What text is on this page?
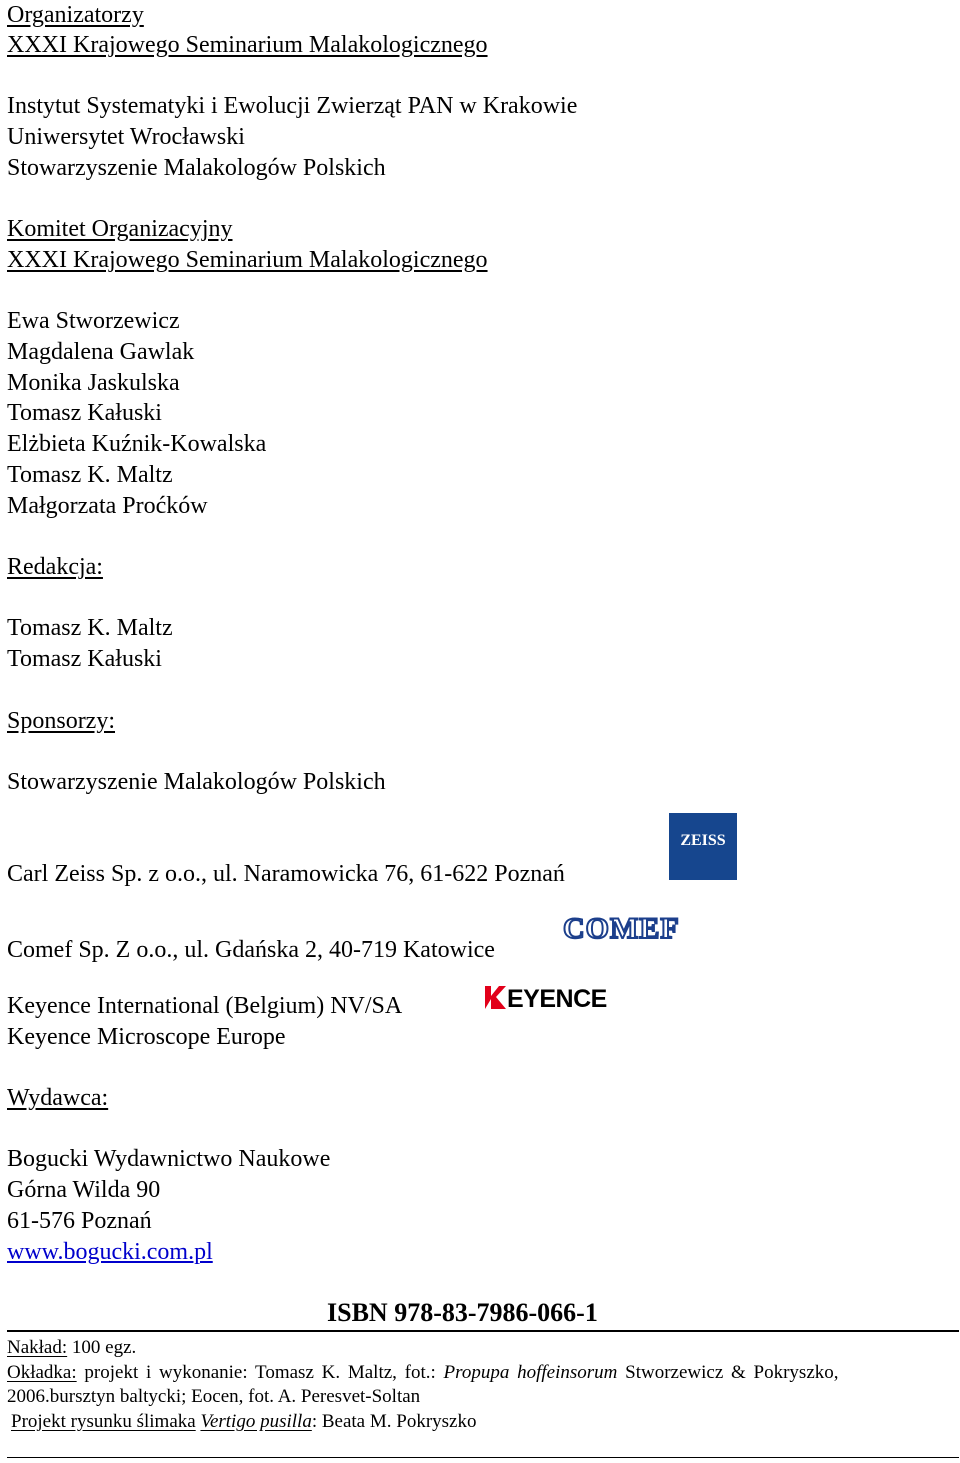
Organizatorzy
XXXI Krajowego Seminarium Malakologicznego
Instytut Systematyki i Ewolucji Zwierząt PAN w Krakowie
Uniwersytet Wrocławski
Stowarzyszenie Malakologów Polskich
Komitet Organizacyjny
XXXI Krajowego Seminarium Malakologicznego
Ewa Stworzewicz
Magdalena Gawlak
Monika Jaskulska
Tomasz Kałuski
Elżbieta Kuźnik-Kowalska
Tomasz K. Maltz
Małgorzata Proćków
Redakcja:
Tomasz K. Maltz
Tomasz Kałuski
Sponsorzy:
Stowarzyszenie Malakologów Polskich
ZEISS
Carl Zeiss Sp. z o.o., ul. Naramowicka 76, 61-622 Poznań
COMEF
Comef Sp. Z o.o., ul. Gdańska 2, 40-719 Katowice
EYENCE
Keyence International (Belgium) NV/SA
Keyence Microscope Europe
Wydawca:
Bogucki Wydawnictwo Naukowe
Górna Wilda 90
61-576 Poznań
www.bogucki.com.pl
ISBN 978-83-7986-066-1
Nakład: 100 egz.
Okładka: projekt i wykonanie: Tomasz K. Maltz, fot.: Propupa hoffeinsorum Stworzewicz & Pokryszko,
2006.bursztyn baltycki; Eocen, fot. A. Peresvet-Soltan
Projekt rysunku ślimaka Vertigo pusilla: Beata M. Pokryszko
